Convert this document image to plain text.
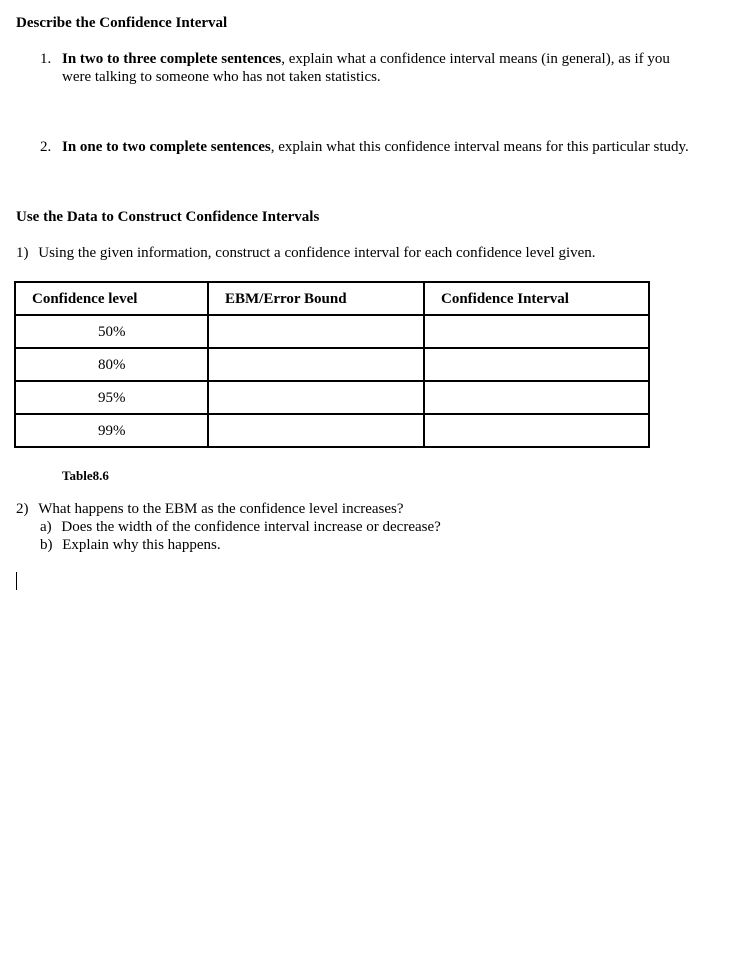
Describe the Confidence Interval
1. In two to three complete sentences, explain what a confidence interval means (in general), as if you were talking to someone who has not taken statistics.
2. In one to two complete sentences, explain what this confidence interval means for this particular study.
Use the Data to Construct Confidence Intervals
1) Using the given information, construct a confidence interval for each confidence level given.
Confidence level	EBM/Error Bound	Confidence Interval
50%		
80%		
95%		
99%		
Table8.6
2) What happens to the EBM as the confidence level increases?
a) Does the width of the confidence interval increase or decrease?
b) Explain why this happens.
